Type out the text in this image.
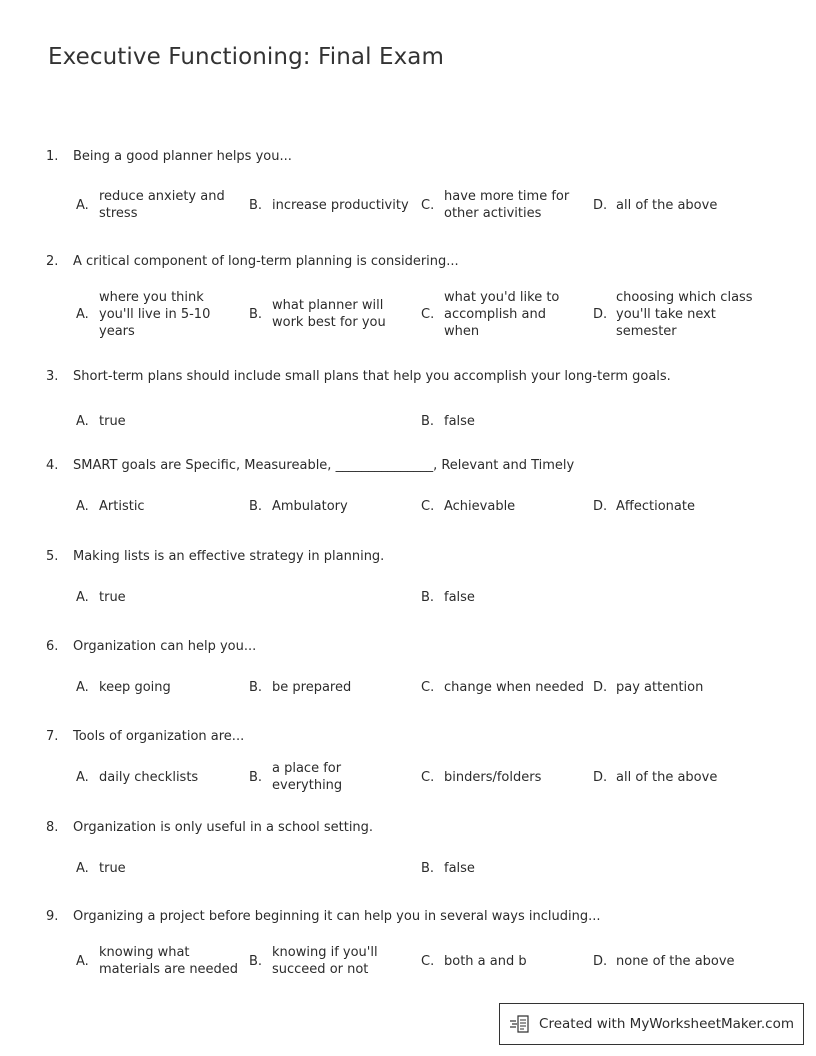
Executive Functioning: Final Exam
1. Being a good planner helps you...
A.
reduce anxiety and stress
B. increase productivity C.
have more time for other activities
D. all of the above
2. A critical component of long-term planning is considering...
A.
where you think you'll live in 5-10 years
B.
what planner will work best for you
C.
what you'd like to accomplish and when
D.
choosing which class you'll take next semester
3. Short-term plans should include small plans that help you accomplish your long-term goals.
A. true	B. false
4. SMART goals are Specific, Measureable, _______________, Relevant and Timely
A. Artistic	B. Ambulatory	C. Achievable	D. Affectionate
5. Making lists is an effective strategy in planning.
A. true	B. false
6. Organization can help you...
A. keep going	B. be prepared	C. change when needed D. pay attention
7. Tools of organization are...
A. daily checklists	B.
a place for everything
C. binders/folders	D. all of the above
8. Organization is only useful in a school setting.
A. true	B. false
9. Organizing a project before beginning it can help you in several ways including...
A.
knowing what materials are needed
B.
knowing if you'll succeed or not
C. both a and b	D. none of the above
Created with MyWorksheetMaker.com
